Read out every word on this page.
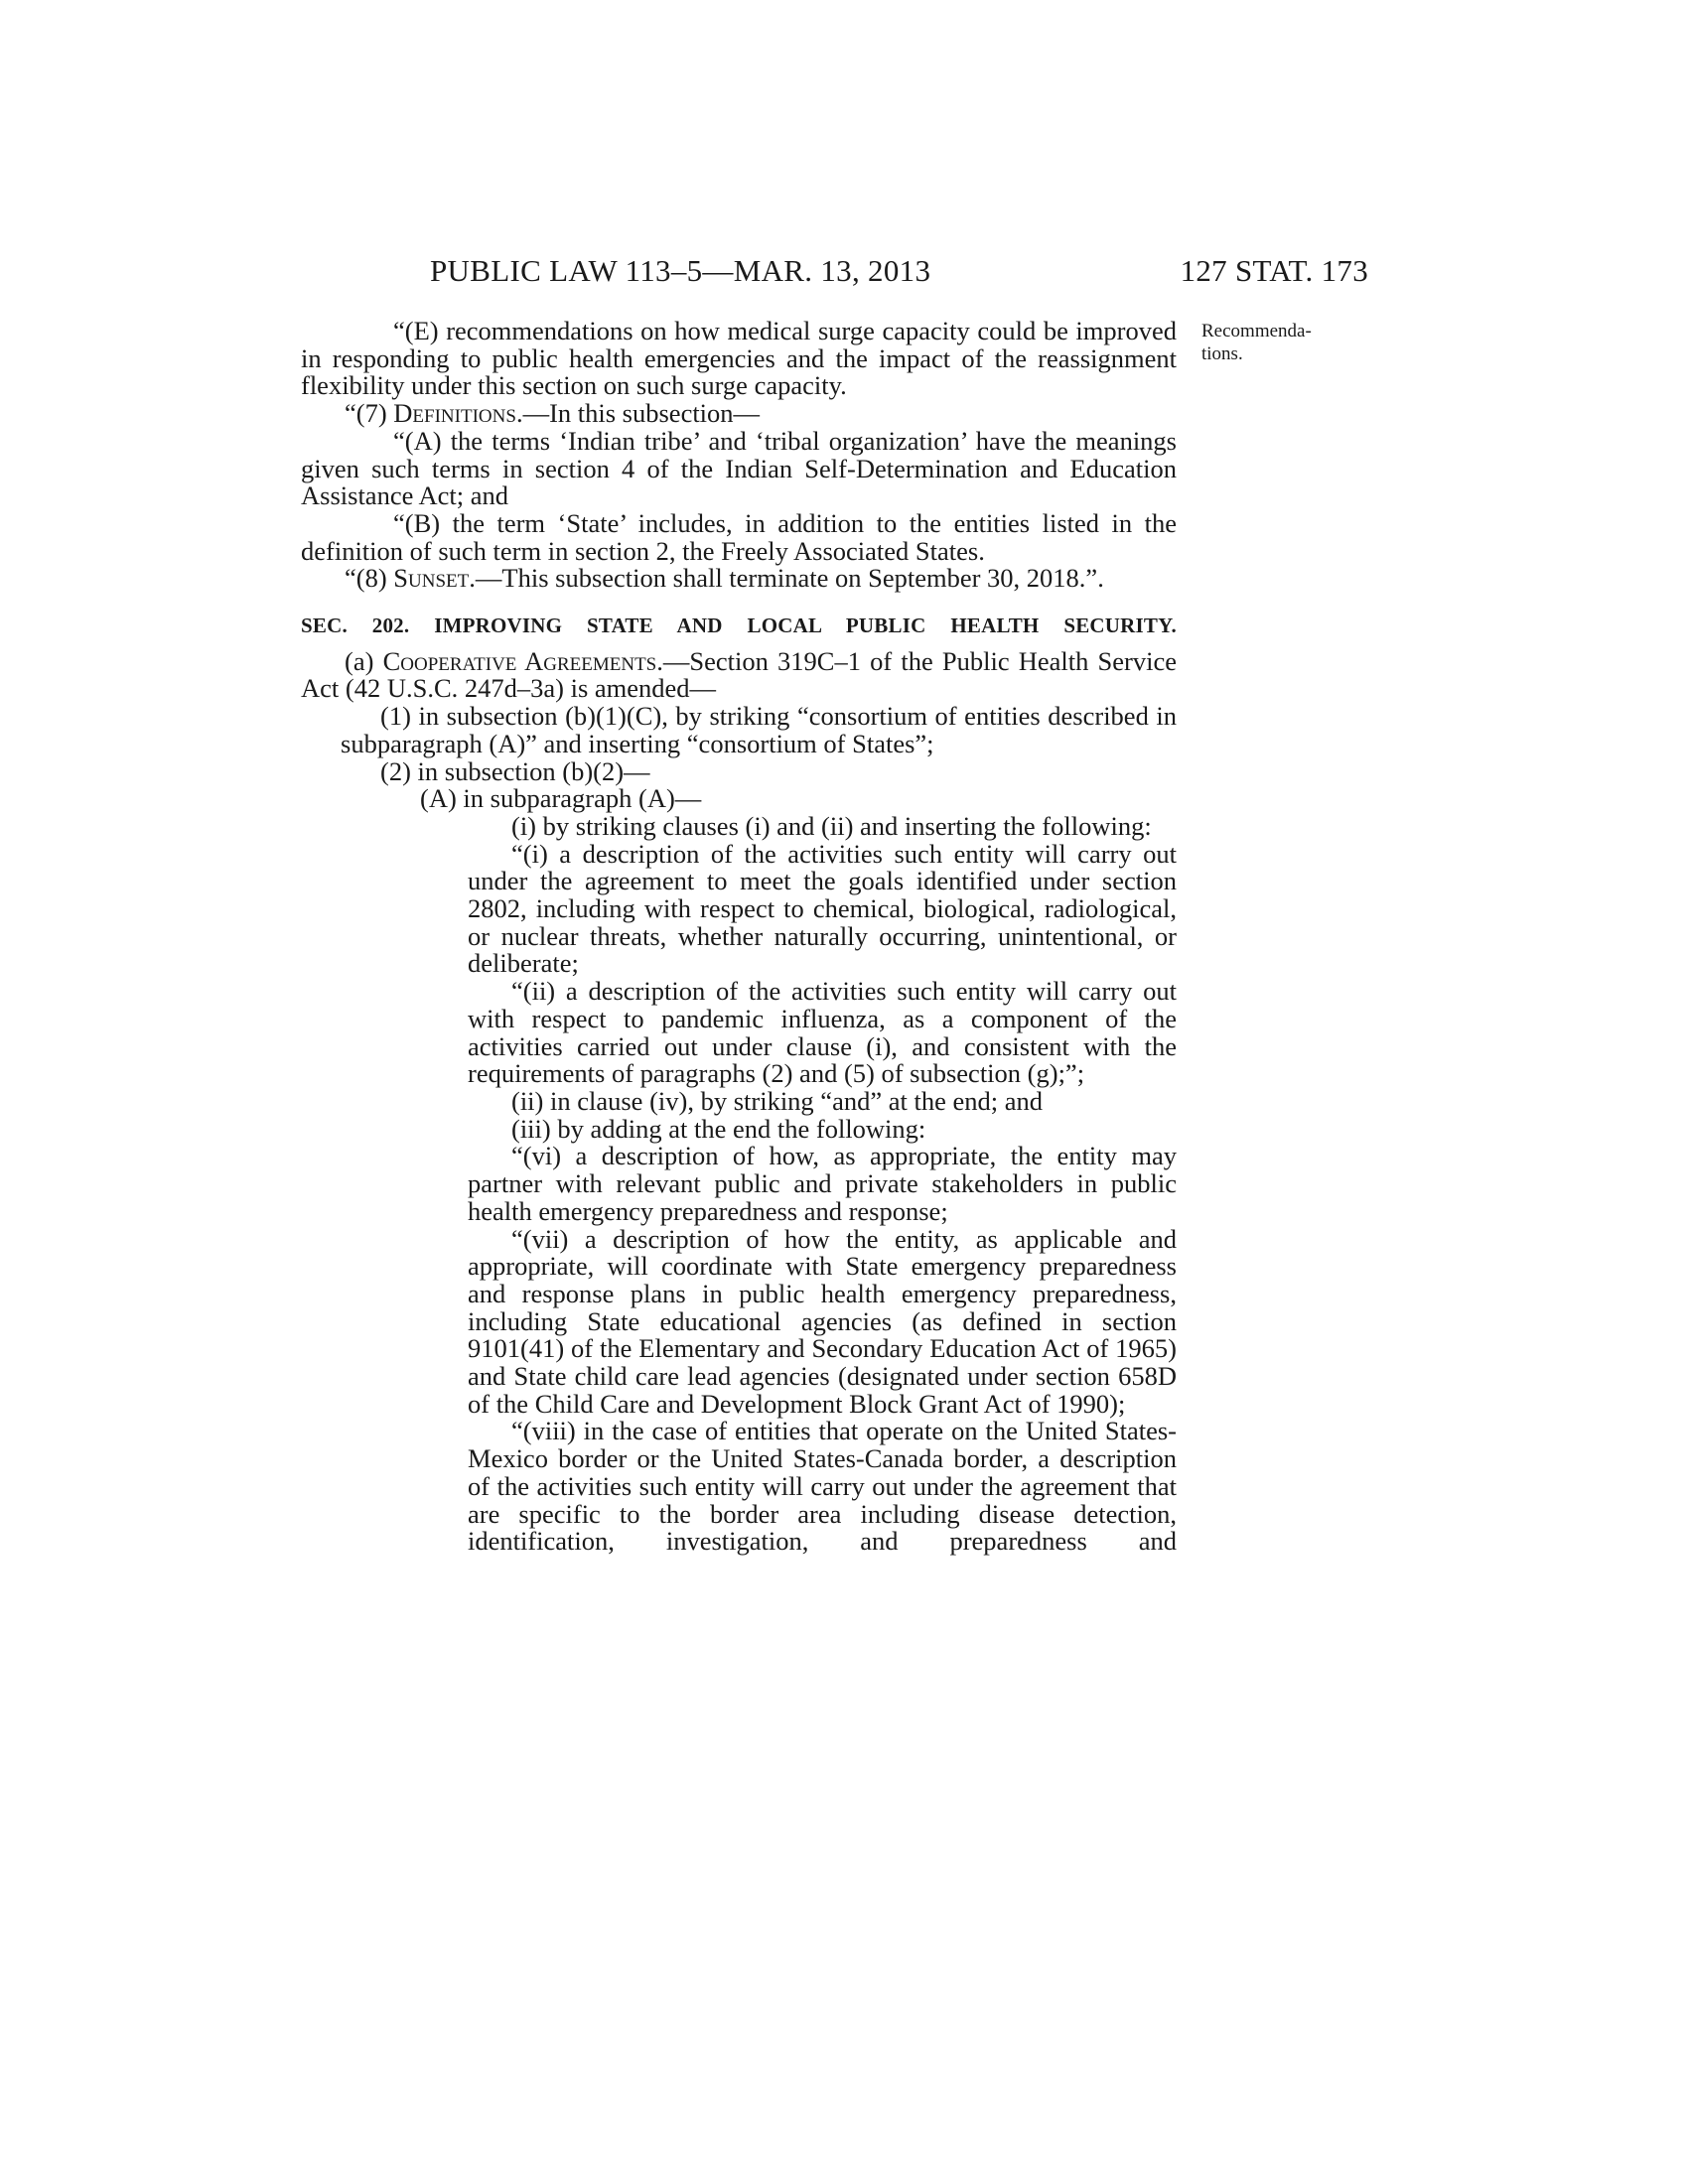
PUBLIC LAW 113–5—MAR. 13, 2013	127 STAT. 173
Recommenda-
tions.

“(E) recommendations on how medical surge capacity could be improved in responding to public health emergencies and the impact of the reassignment flexibility under this section on such surge capacity.

“(7) Definitions.—In this subsection—

“(A) the terms ‘Indian tribe’ and ‘tribal organization’ have the meanings given such terms in section 4 of the Indian Self-Determination and Education Assistance Act; and

“(B) the term ‘State’ includes, in addition to the entities listed in the definition of such term in section 2, the Freely Associated States.

“(8) Sunset.—This subsection shall terminate on September 30, 2018.”.

SEC. 202. IMPROVING STATE AND LOCAL PUBLIC HEALTH SECURITY.

(a) Cooperative Agreements.—Section 319C–1 of the Public Health Service Act (42 U.S.C. 247d–3a) is amended—

(1) in subsection (b)(1)(C), by striking “consortium of entities described in subparagraph (A)” and inserting “consortium of States”;

(2) in subsection (b)(2)—

(A) in subparagraph (A)—

(i) by striking clauses (i) and (ii) and inserting the following:

“(i) a description of the activities such entity will carry out under the agreement to meet the goals identified under section 2802, including with respect to chemical, biological, radiological, or nuclear threats, whether naturally occurring, unintentional, or deliberate;

“(ii) a description of the activities such entity will carry out with respect to pandemic influenza, as a component of the activities carried out under clause (i), and consistent with the requirements of paragraphs (2) and (5) of subsection (g);”;

(ii) in clause (iv), by striking “and” at the end; and

(iii) by adding at the end the following:

“(vi) a description of how, as appropriate, the entity may partner with relevant public and private stakeholders in public health emergency preparedness and response;

“(vii) a description of how the entity, as applicable and appropriate, will coordinate with State emergency preparedness and response plans in public health emergency preparedness, including State educational agencies (as defined in section 9101(41) of the Elementary and Secondary Education Act of 1965) and State child care lead agencies (designated under section 658D of the Child Care and Development Block Grant Act of 1990);

“(viii) in the case of entities that operate on the United States-Mexico border or the United States-Canada border, a description of the activities such entity will carry out under the agreement that are specific to the border area including disease detection, identification, investigation, and preparedness and
